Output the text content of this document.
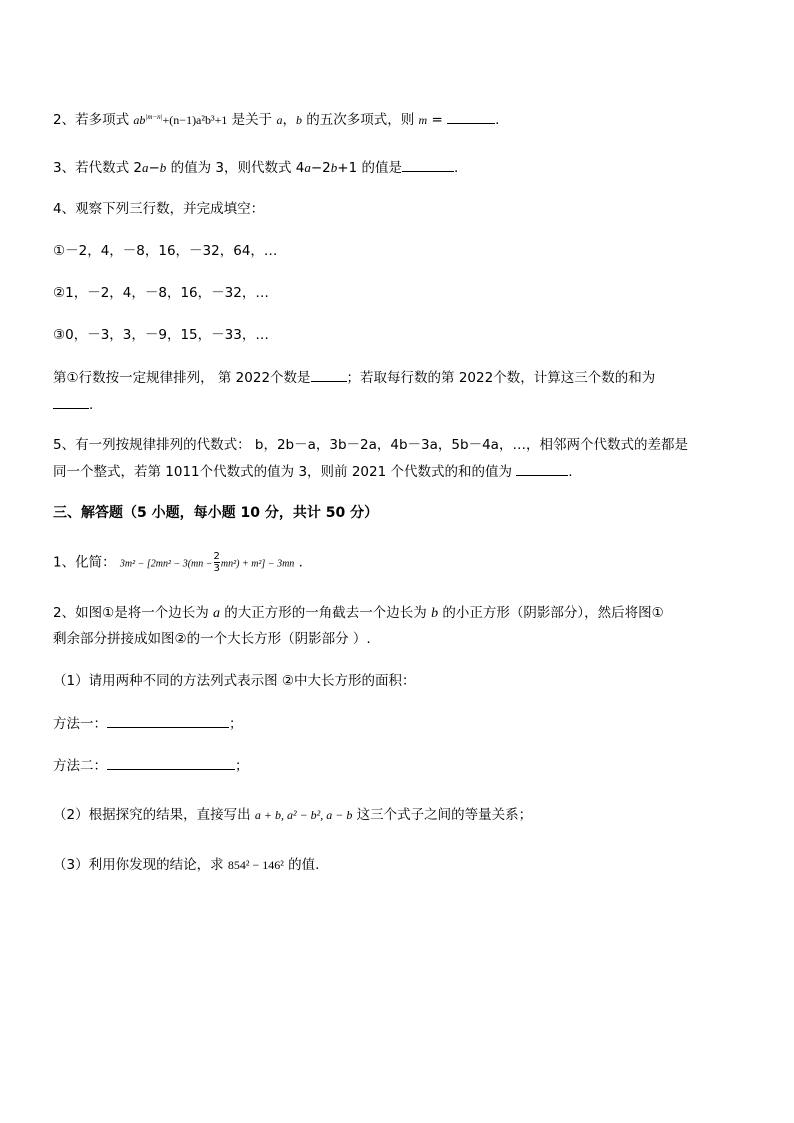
2、若多项式 $ab^{|m-n|}+(n-1)a^2b^3+1$ 是关于 a，b 的五次多项式，则 m =	.
3、若代数式 2a−b 的值为 3，则代数式 4a−2b+1 的值是	.
4、观察下列三行数，并完成填空：
①－2，4，－8，16，－32，64，…
②1，－2，4，－8，16，－32，…
③0，－3，3，－9，15，－33，…
第①行数按一定规律排列， 第 2022个数是	；若取每行数的第 2022个数，计算这三个数的和为
.
5、有一列按规律排列的代数式： b，2b－a，3b－2a，4b－3a，5b－4a，…，相邻两个代数式的差都是
同一个整式，若第 1011个代数式的值为 3，则前 2021 个代数式的和的值为	.
三、解答题（5 小题，每小题 10 分，共计 50 分）
1、化简： $3m^2 - [2mn^2 - 3(mn - \frac{2}{3} mn^2) + m^2] - 3mn$ .
2、如图①是将一个边长为 a 的大正方形的一角截去一个边长为 b 的小正方形（阴影部分），然后将图①
剩余部分拼接成如图②的一个大长方形（阴影部分 ）.
（1）请用两种不同的方法列式表示图 ②中大长方形的面积：
方法一：	；
方法二：	；
（2）根据探究的结果，直接写出 a + b, a² − b², a − b 这三个式子之间的等量关系；
（3）利用你发现的结论，求 854² − 146² 的值.
